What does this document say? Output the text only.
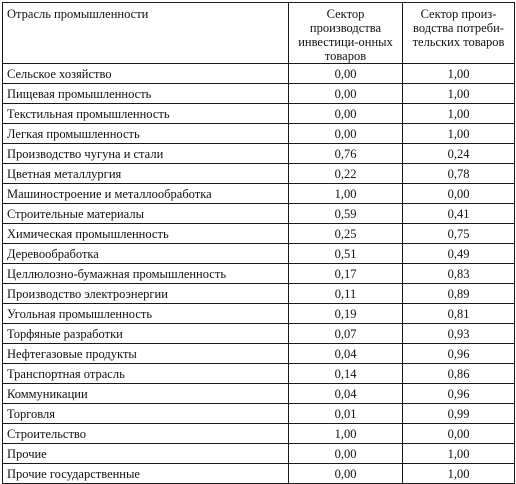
Отрасль промышленности	Сектор производства инвестици-онных товаров	Сектор произ-водства потреби-тельских товаров
Сельское хозяйство	0,00	1,00
Пищевая промышленность	0,00	1,00
Текстильная промышленность	0,00	1,00
Легкая промышленность	0,00	1,00
Производство чугуна и стали	0,76	0,24
Цветная металлургия	0,22	0,78
Машиностроение и металлообработка	1,00	0,00
Строительные материалы	0,59	0,41
Химическая промышленность	0,25	0,75
Деревообработка	0,51	0,49
Целлюлозно-бумажная промышленность	0,17	0,83
Производство электроэнергии	0,11	0,89
Угольная промышленность	0,19	0,81
Торфяные разработки	0,07	0,93
Нефтегазовые продукты	0,04	0,96
Транспортная отрасль	0,14	0,86
Коммуникации	0,04	0,96
Торговля	0,01	0,99
Строительство	1,00	0,00
Прочие	0,00	1,00
Прочие государственные	0,00	1,00
